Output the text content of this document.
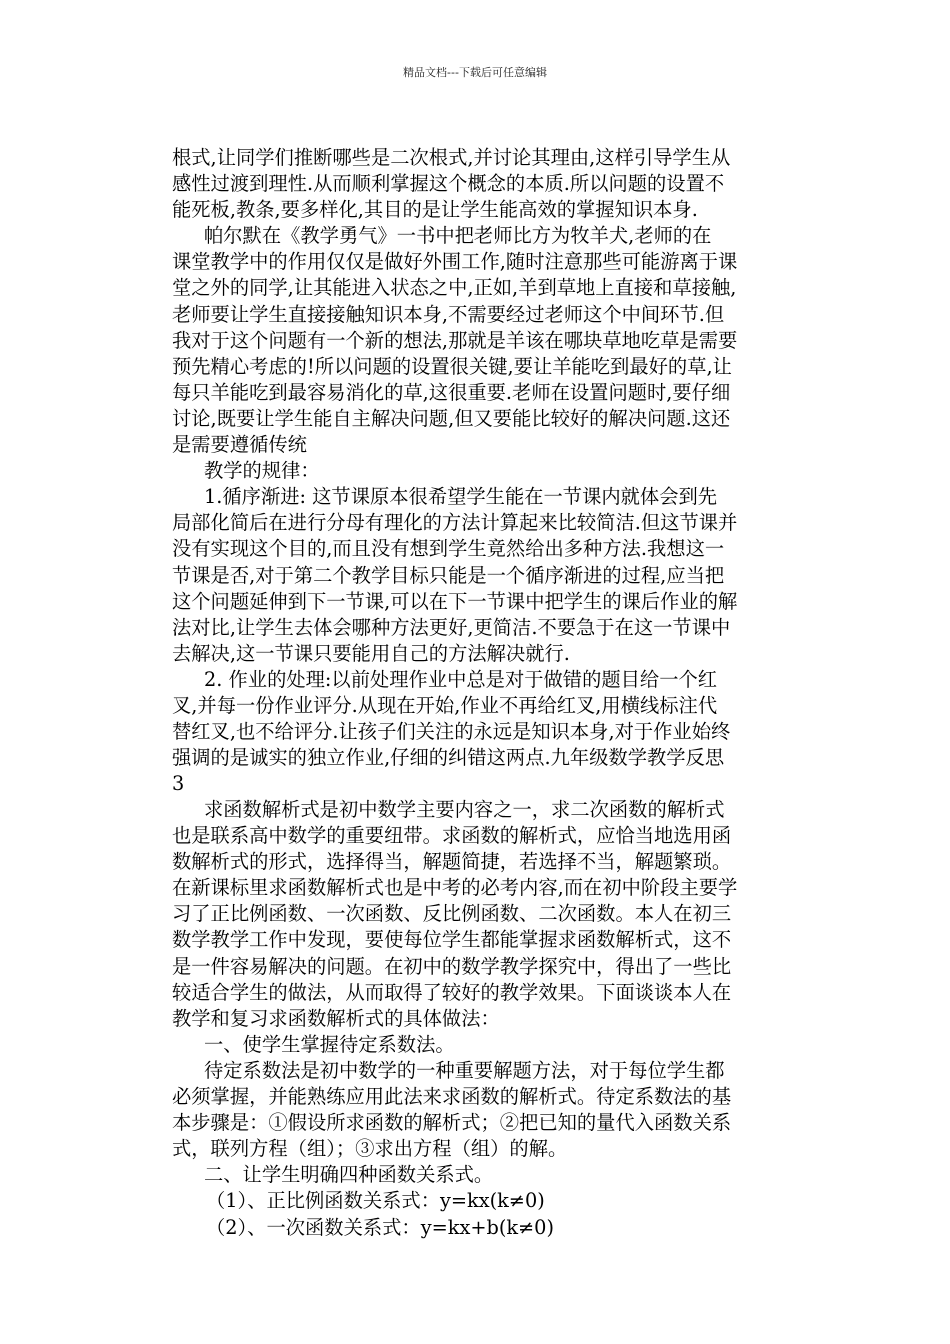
精品文档---下载后可任意编辑
根式,让同学们推断哪些是二次根式,并讨论其理由,这样引导学生从
感性过渡到理性.从而顺利掌握这个概念的本质.所以问题的设置不
能死板,教条,要多样化,其目的是让学生能高效的掌握知识本身.
帕尔默在《教学勇气》一书中把老师比方为牧羊犬,老师的在
课堂教学中的作用仅仅是做好外围工作,随时注意那些可能游离于课
堂之外的同学,让其能进入状态之中,正如,羊到草地上直接和草接触,
老师要让学生直接接触知识本身,不需要经过老师这个中间环节.但
我对于这个问题有一个新的想法,那就是羊该在哪块草地吃草是需要
预先精心考虑的!所以问题的设置很关键,要让羊能吃到最好的草,让
每只羊能吃到最容易消化的草,这很重要.老师在设置问题时,要仔细
讨论,既要让学生能自主解决问题,但又要能比较好的解决问题.这还
是需要遵循传统
教学的规律：
1.循序渐进: 这节课原本很希望学生能在一节课内就体会到先
局部化简后在进行分母有理化的方法计算起来比较简洁.但这节课并
没有实现这个目的,而且没有想到学生竟然给出多种方法.我想这一
节课是否,对于第二个教学目标只能是一个循序渐进的过程,应当把
这个问题延伸到下一节课,可以在下一节课中把学生的课后作业的解
法对比,让学生去体会哪种方法更好,更简洁.不要急于在这一节课中
去解决,这一节课只要能用自己的方法解决就行.
2. 作业的处理:以前处理作业中总是对于做错的题目给一个红
叉,并每一份作业评分.从现在开始,作业不再给红叉,用横线标注代
替红叉,也不给评分.让孩子们关注的永远是知识本身,对于作业始终
强调的是诚实的独立作业,仔细的纠错这两点.九年级数学教学反思
3
求函数解析式是初中数学主要内容之一，求二次函数的解析式
也是联系高中数学的重要纽带。求函数的解析式，应恰当地选用函
数解析式的形式，选择得当，解题简捷，若选择不当，解题繁琐。
在新课标里求函数解析式也是中考的必考内容,而在初中阶段主要学
习了正比例函数、一次函数、反比例函数、二次函数。本人在初三
数学教学工作中发现，要使每位学生都能掌握求函数解析式，这不
是一件容易解决的问题。在初中的数学教学探究中，得出了一些比
较适合学生的做法，从而取得了较好的教学效果。下面谈谈本人在
教学和复习求函数解析式的具体做法：
一、使学生掌握待定系数法。
待定系数法是初中数学的一种重要解题方法，对于每位学生都
必须掌握，并能熟练应用此法来求函数的解析式。待定系数法的基
本步骤是：①假设所求函数的解析式；②把已知的量代入函数关系
式，联列方程（组）；③求出方程（组）的解。
二、让学生明确四种函数关系式。
（1）、正比例函数关系式：y=kx(k≠0)
（2）、一次函数关系式：y=kx+b(k≠0)
